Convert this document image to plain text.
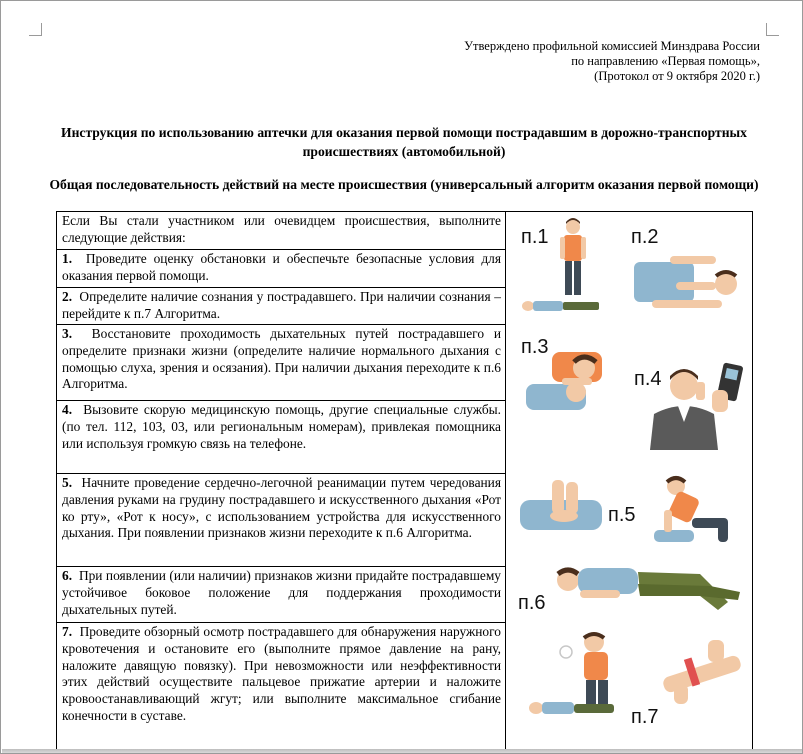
Утверждено профильной комиссией Минздрава России
по направлению «Первая помощь»,
(Протокол от 9 октября 2020 г.)
Инструкция по использованию аптечки для оказания первой помощи пострадавшим в дорожно-транспортных происшествиях (автомобильной)
Общая последовательность действий на месте происшествия (универсальный алгоритм оказания первой помощи)
Если Вы стали участником или очевидцем происшествия, выполните следующие действия:
1. Проведите оценку обстановки и обеспечьте безопасные условия для оказания первой помощи.
2. Определите наличие сознания у пострадавшего. При наличии сознания – перейдите к п.7 Алгоритма.
3. Восстановите проходимость дыхательных путей пострадавшего и определите признаки жизни (определите наличие нормального дыхания с помощью слуха, зрения и осязания). При наличии дыхания переходите к п.6 Алгоритма.
4. Вызовите скорую медицинскую помощь, другие специальные службы. (по тел. 112, 103, 03, или региональным номерам), привлекая помощника или используя громкую связь на телефоне.
5. Начните проведение сердечно-легочной реанимации путем чередования давления руками на грудину пострадавшего и искусственного дыхания «Рот ко рту», «Рот к носу», с использованием устройства для искусственного дыхания. При появлении признаков жизни переходите к п.6 Алгоритма.
6. При появлении (или наличии) признаков жизни придайте пострадавшему устойчивое боковое положение для поддержания проходимости дыхательных путей.
7. Проведите обзорный осмотр пострадавшего для обнаружения наружного кровотечения и остановите его (выполните прямое давление на рану, наложите давящую повязку). При невозможности или неэффективности этих действий осуществите пальцевое прижатие артерии и наложите кровоостанавливающий жгут; или выполните максимальное сгибание конечности в суставе.
п.1	п.2
п.3
п.4
п.5
п.6
п.7
